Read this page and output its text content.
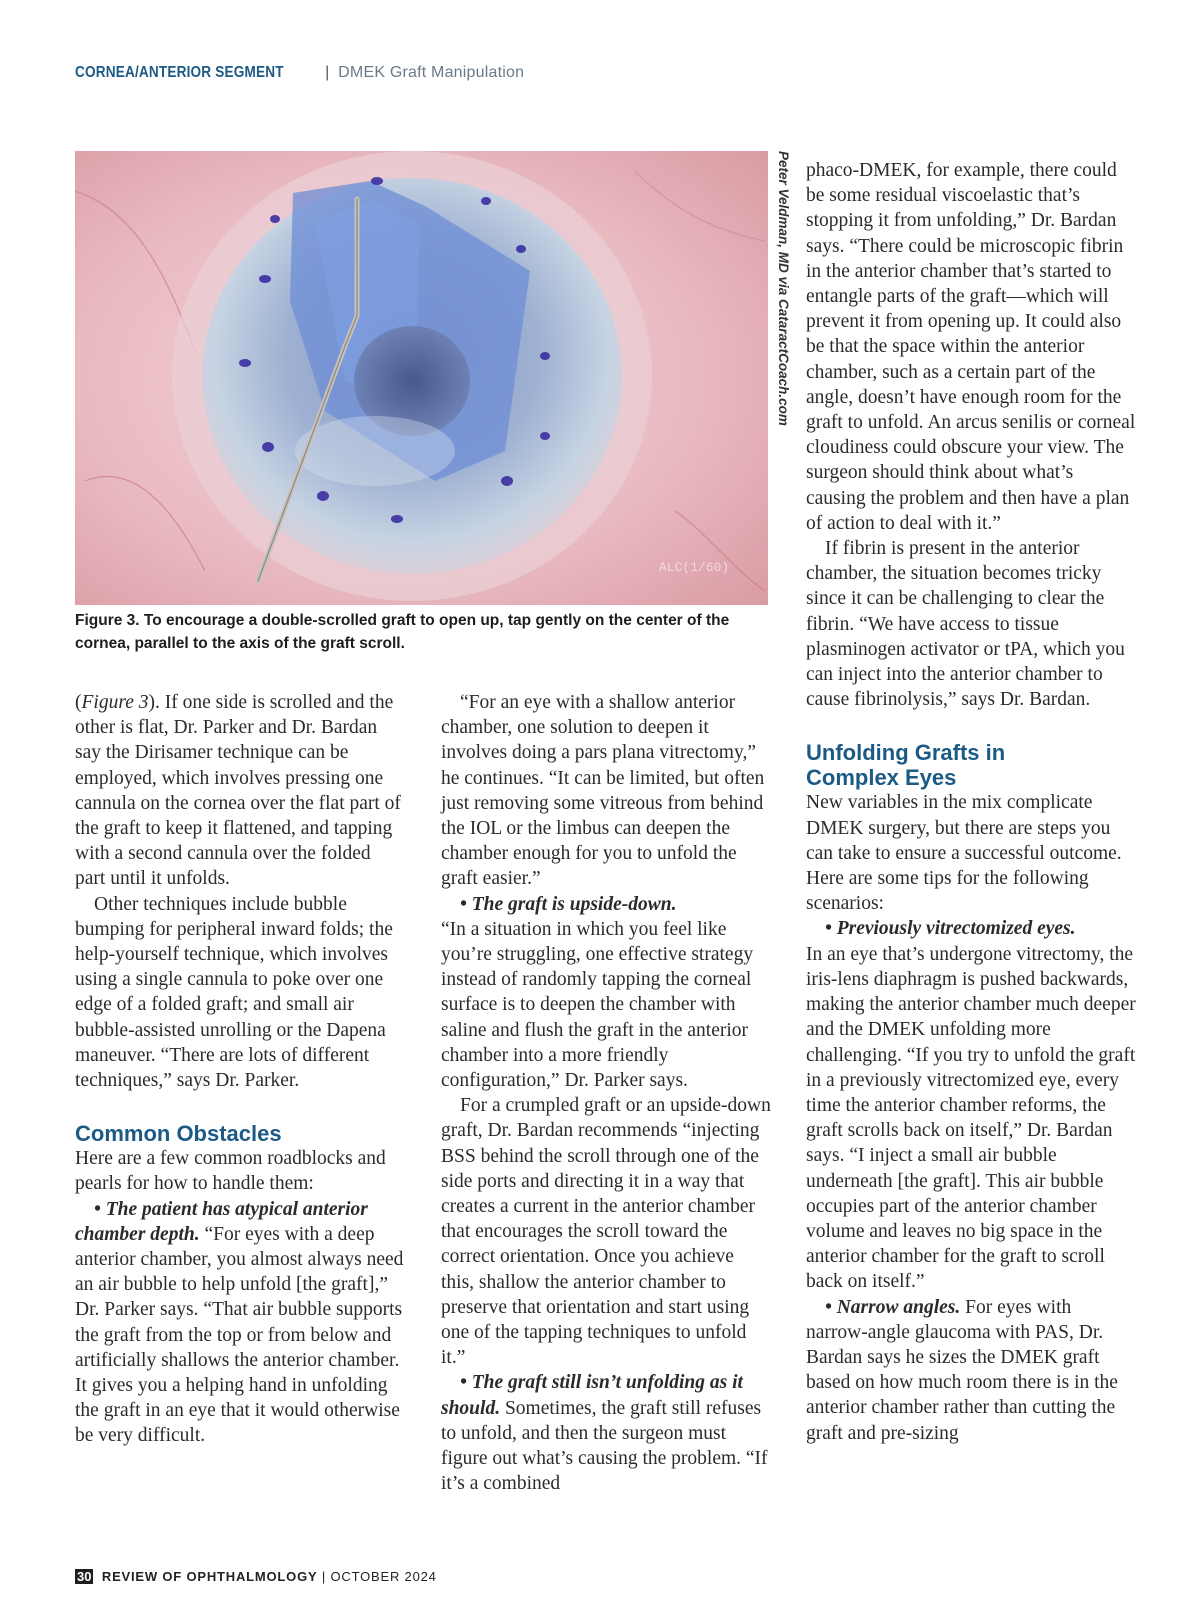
CORNEA/ANTERIOR SEGMENT	| DMEK Graft Manipulation
ALC(1/60)
Peter Veldman, MD via CataractCoach.com
Figure 3. To encourage a double-scrolled graft to open up, tap gently on the center of the cornea, parallel to the axis of the graft scroll.

(Figure 3). If one side is scrolled and the other is flat, Dr. Parker and Dr. Bardan say the Dirisamer technique can be employed, which involves pressing one cannula on the cornea over the flat part of the graft to keep it flattened, and tapping with a second cannula over the folded part until it unfolds.

Other techniques include bubble bumping for peripheral inward folds; the help-yourself technique, which involves using a single cannula to poke over one edge of a folded graft; and small air bubble-assisted unrolling or the Dapena maneuver. “There are lots of different techniques,” says Dr. Parker.

Common Obstacles

Here are a few common roadblocks and pearls for how to handle them:

• The patient has atypical anterior chamber depth. “For eyes with a deep anterior chamber, you almost always need an air bubble to help unfold [the graft],” Dr. Parker says. “That air bubble supports the graft from the top or from below and artificially shallows the anterior chamber. It gives you a helping hand in unfolding the graft in an eye that it would otherwise be very difficult.

“For an eye with a shallow anterior chamber, one solution to deepen it involves doing a pars plana vitrectomy,” he continues. “It can be limited, but often just removing some vitreous from behind the IOL or the limbus can deepen the chamber enough for you to unfold the graft easier.”

• The graft is upside-down.

“In a situation in which you feel like you’re struggling, one effective strategy instead of randomly tapping the corneal surface is to deepen the chamber with saline and flush the graft in the anterior chamber into a more friendly configuration,” Dr. Parker says.

For a crumpled graft or an upside-down graft, Dr. Bardan recommends “injecting BSS behind the scroll through one of the side ports and directing it in a way that creates a current in the anterior chamber that encourages the scroll toward the correct orientation. Once you achieve this, shallow the anterior chamber to preserve that orientation and start using one of the tapping techniques to unfold it.”

• The graft still isn’t unfolding as it should. Sometimes, the graft still refuses to unfold, and then the surgeon must figure out what’s causing the problem. “If it’s a combined

phaco-DMEK, for example, there could be some residual viscoelastic that’s stopping it from unfolding,” Dr. Bardan says. “There could be microscopic fibrin in the anterior chamber that’s started to entangle parts of the graft—which will prevent it from opening up. It could also be that the space within the anterior chamber, such as a certain part of the angle, doesn’t have enough room for the graft to unfold. An arcus senilis or corneal cloudiness could obscure your view. The surgeon should think about what’s causing the problem and then have a plan of action to deal with it.”

If fibrin is present in the anterior chamber, the situation becomes tricky since it can be challenging to clear the fibrin. “We have access to tissue plasminogen activator or tPA, which you can inject into the anterior chamber to cause fibrinolysis,” says Dr. Bardan.

Unfolding Grafts in
Complex Eyes

New variables in the mix complicate DMEK surgery, but there are steps you can take to ensure a successful outcome. Here are some tips for the following scenarios:

• Previously vitrectomized eyes.

In an eye that’s undergone vitrectomy, the iris-lens diaphragm is pushed backwards, making the anterior chamber much deeper and the DMEK unfolding more challenging. “If you try to unfold the graft in a previously vitrectomized eye, every time the anterior chamber reforms, the graft scrolls back on itself,” Dr. Bardan says. “I inject a small air bubble underneath [the graft]. This air bubble occupies part of the anterior chamber volume and leaves no big space in the anterior chamber for the graft to scroll back on itself.”

• Narrow angles. For eyes with narrow-angle glaucoma with PAS, Dr. Bardan says he sizes the DMEK graft based on how much room there is in the anterior chamber rather than cutting the graft and pre-sizing

30 REVIEW OF OPHTHALMOLOGY | OCTOBER 2024
